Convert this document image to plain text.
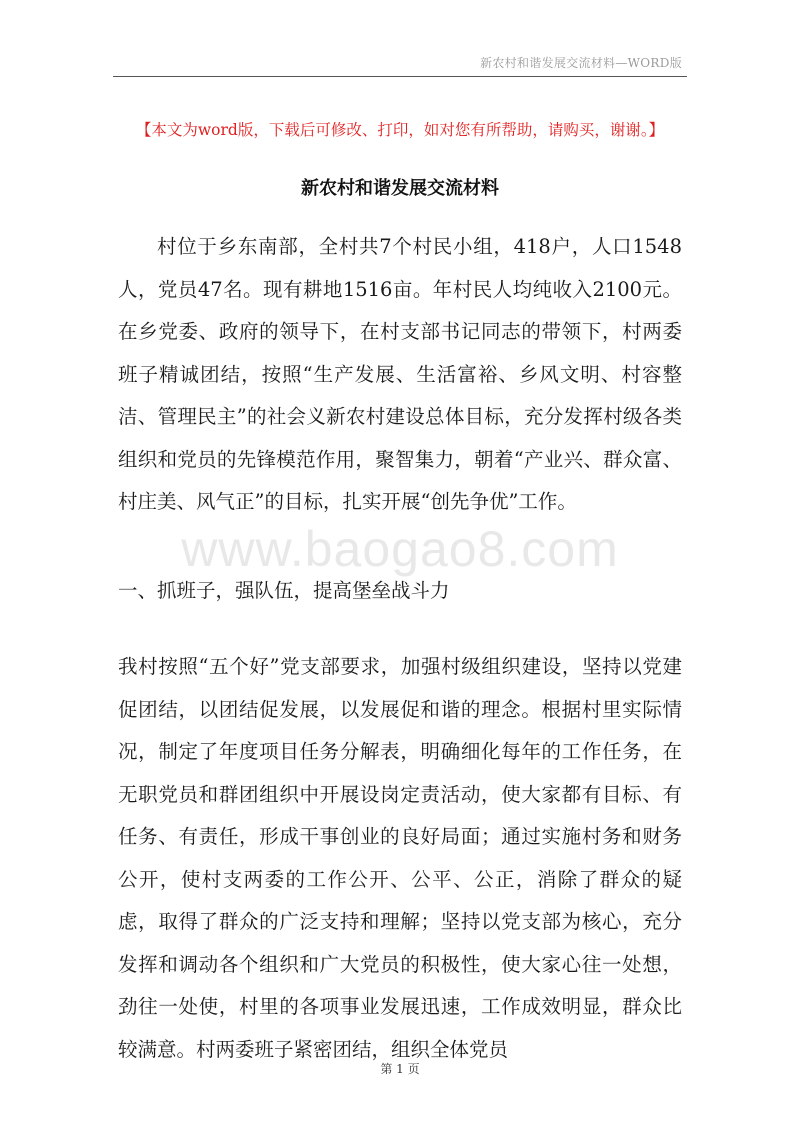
新农村和谐发展交流材料—WORD版
【本文为word版，下载后可修改、打印，如对您有所帮助，请购买，谢谢。】
新农村和谐发展交流材料

村位于乡东南部，全村共7个村民小组，418户，人口1548人，党员47名。现有耕地1516亩。年村民人均纯收入2100元。在乡党委、政府的领导下，在村支部书记同志的带领下，村两委班子精诚团结，按照“生产发展、生活富裕、乡风文明、村容整洁、管理民主”的社会义新农村建设总体目标，充分发挥村级各类组织和党员的先锋模范作用，聚智集力，朝着“产业兴、群众富、村庄美、风气正”的目标，扎实开展“创先争优”工作。

www.baogao8.com
一、抓班子，强队伍，提高堡垒战斗力

我村按照“五个好”党支部要求，加强村级组织建设，坚持以党建促团结，以团结促发展，以发展促和谐的理念。根据村里实际情况，制定了年度项目任务分解表，明确细化每年的工作任务，在无职党员和群团组织中开展设岗定责活动，使大家都有目标、有任务、有责任，形成干事创业的良好局面；通过实施村务和财务公开，使村支两委的工作公开、公平、公正，消除了群众的疑虑，取得了群众的广泛支持和理解；坚持以党支部为核心，充分发挥和调动各个组织和广大党员的积极性，使大家心往一处想，劲往一处使，村里的各项事业发展迅速，工作成效明显，群众比较满意。村两委班子紧密团结，组织全体党员

第 1 页
